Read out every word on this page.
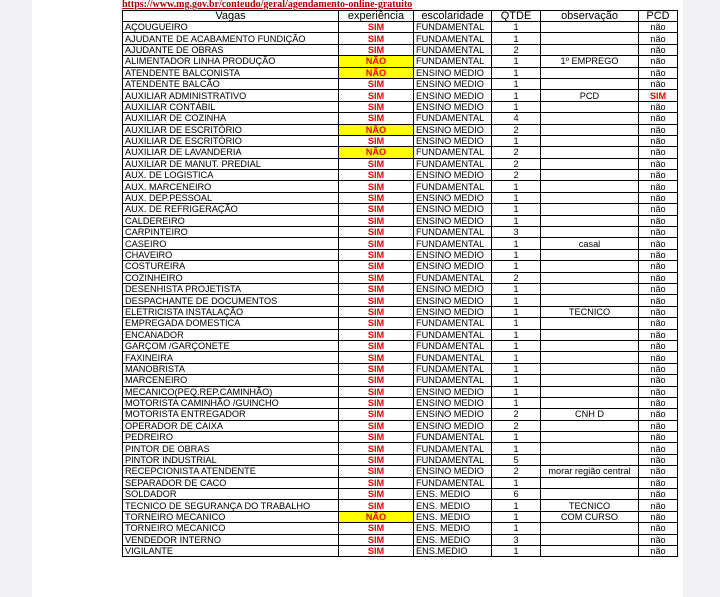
https://www.mg.gov.br/conteudo/geral/agendamento-online-gratuito
Vagas	experiência	escolaridade	QTDE	observação	PCD
AÇOUGUEIRO	SIM	FUNDAMENTAL	1		não
AJUDANTE DE ACABAMENTO FUNDIÇÃO	SIM	FUNDAMENTAL	1		não
AJUDANTE DE OBRAS	SIM	FUNDAMENTAL	2		não
ALIMENTADOR LINHA PRODUÇÃO	NÃO	FUNDAMENTAL	1	1º EMPREGO	não
ATENDENTE BALCONISTA	NÃO	ENSINO MEDIO	1		não
ATENDENTE BALCÃO	SIM	ENSINO MEDIO	1		não
AUXILIAR ADMINISTRATIVO	SIM	ENSINO MEDIO	1	PCD	SIM
AUXILIAR CONTÁBIL	SIM	ENSINO MEDIO	1		não
AUXILIAR DE COZINHA	SIM	FUNDAMENTAL	4		não
AUXILIAR DE ESCRITÓRIO	NÃO	ENSINO MEDIO	2		não
AUXILIAR DE ESCRITÓRIO	SIM	ENSINO MEDIO	1		não
AUXILIAR DE LAVANDERIA	NÃO	FUNDAMENTAL	2		não
AUXILIAR DE MANUT. PREDIAL	SIM	FUNDAMENTAL	2		não
AUX. DE LOGISTICA	SIM	ENSINO MEDIO	2		não
AUX. MARCENEIRO	SIM	FUNDAMENTAL	1		não
AUX. DEP.PESSOAL	SIM	ENSINO MEDIO	1		não
AUX. DE REFRIGERAÇÃO	SIM	ENSINO MEDIO	1		não
CALDEREIRO	SIM	ENSINO MEDIO	1		não
CARPINTEIRO	SIM	FUNDAMENTAL	3		não
CASEIRO	SIM	FUNDAMENTAL	1	casal	não
CHAVEIRO	SIM	ENSINO MEDIO	1		não
COSTUREIRA	SIM	ENSINO MEDIO	1		não
COZINHEIRO	SIM	FUNDAMENTAL	2		não
DESENHISTA PROJETISTA	SIM	ENSINO MEDIO	1		não
DESPACHANTE DE DOCUMENTOS	SIM	ENSINO MEDIO	1		não
ELETRICISTA INSTALAÇÃO	SIM	ENSINO MEDIO	1	TECNICO	não
EMPREGADA DOMESTICA	SIM	FUNDAMENTAL	1		não
ENCANADOR	SIM	FUNDAMENTAL	1		não
GARÇOM /GARÇONETE	SIM	FUNDAMENTAL	1		não
FAXINEIRA	SIM	FUNDAMENTAL	1		não
MANOBRISTA	SIM	FUNDAMENTAL	1		não
MARCENEIRO	SIM	FUNDAMENTAL	1		não
MECANICO(PEQ.REP.CAMINHÃO)	SIM	ENSINO MEDIO	1		não
MOTORISTA CAMINHÃO /GUINCHO	SIM	ENSINO MEDIO	1		não
MOTORISTA ENTREGADOR	SIM	ENSINO MEDIO	2	CNH D	não
OPERADOR DE CAIXA	SIM	ENSINO MEDIO	2		não
PEDREIRO	SIM	FUNDAMENTAL	1		não
PINTOR DE OBRAS	SIM	FUNDAMENTAL	1		não
PINTOR INDUSTRIAL	SIM	FUNDAMENTAL	5		não
RECEPCIONISTA ATENDENTE	SIM	ENSINO MEDIO	2	morar região central	não
SEPARADOR DE CACO	SIM	FUNDAMENTAL	1		não
SOLDADOR	SIM	ENS. MEDIO	6		não
TECNICO DE SEGURANÇA DO TRABALHO	SIM	ENS. MEDIO	1	TECNICO	não
TORNEIRO MECANICO	NÃO	ENS. MEDIO	1	COM CURSO	não
TORNEIRO MECANICO	SIM	ENS. MEDIO	1		não
VENDEDOR INTERNO	SIM	ENS. MEDIO	3		não
VIGILANTE	SIM	ENS.MEDIO	1		não
